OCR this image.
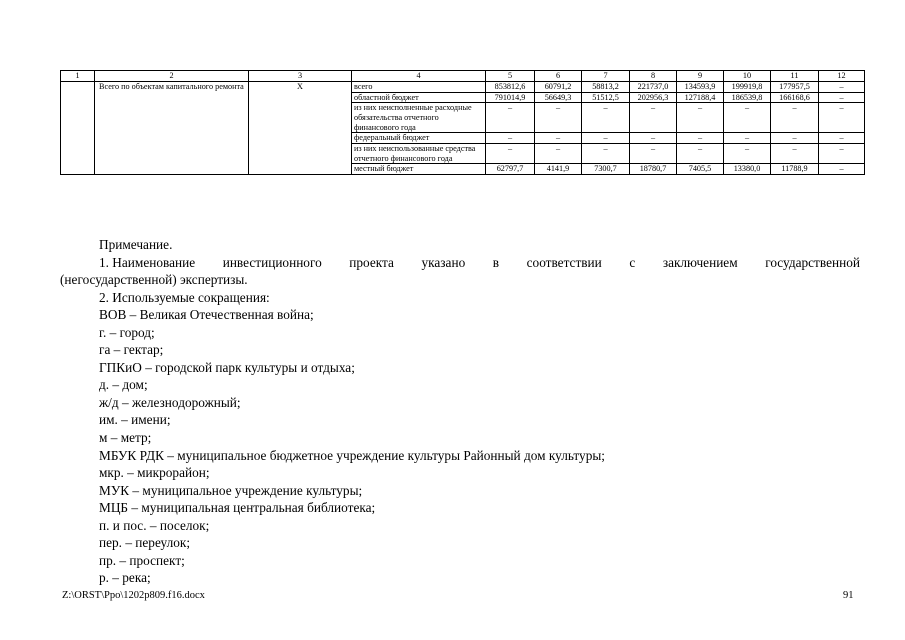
1	2	3	4	5	6	7	8	9	10	11	12
	Всего по объектам капитального ремонта	Х	всего	853812,6	60791,2	58813,2	221737,0	134593,9	199919,8	177957,5	–
			областной бюджет	791014,9	56649,3	51512,5	202956,3	127188,4	186539,8	166168,6	–
			из них неисполненные расходные обязательства отчетного финансового года	–	–	–	–	–	–	–	–
			федеральный бюджет	–	–	–	–	–	–	–	–
			из них неиспользованные средства отчетного финансового года	–	–	–	–	–	–	–	–
			местный бюджет	62797,7	4141,9	7300,7	18780,7	7405,5	13380,0	11788,9	–
Примечание.
1. Наименование инвестиционного проекта указано в соответствии с заключением государственной
(негосударственной) экспертизы.
2. Используемые сокращения:
ВОВ – Великая Отечественная война;
г. – город;
га – гектар;
ГПКиО – городской парк культуры и отдыха;
д. – дом;
ж/д – железнодорожный;
им. – имени;
м – метр;
МБУК РДК – муниципальное бюджетное учреждение культуры Районный дом культуры;
мкр. – микрорайон;
МУК – муниципальное учреждение культуры;
МЦБ – муниципальная центральная библиотека;
п. и пос. – поселок;
пер. – переулок;
пр. – проспект;
р. – река;
Z:\ORST\Ppo\1202p809.f16.docx	91
